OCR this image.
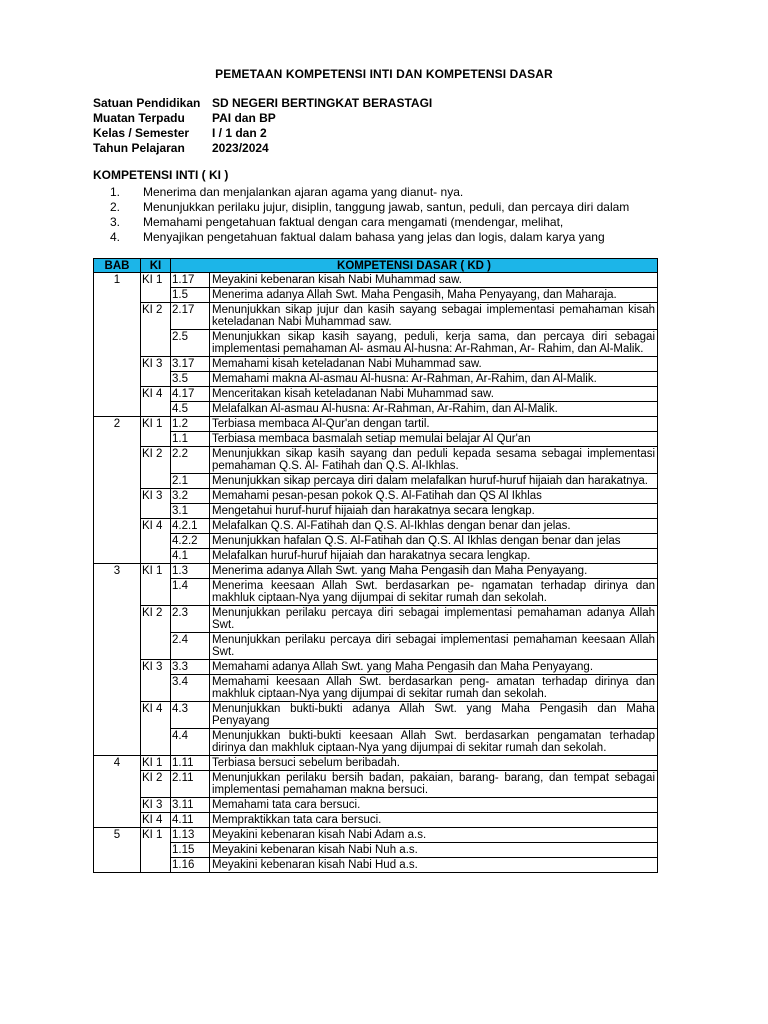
PEMETAAN KOMPETENSI INTI DAN KOMPETENSI DASAR
Satuan Pendidikan SD NEGERI BERTINGKAT BERASTAGI
Muatan Terpadu	PAI dan BP
Kelas / Semester	I / 1 dan 2
Tahun Pelajaran	2023/2024
KOMPETENSI INTI ( KI )
1.	Menerima dan menjalankan ajaran agama yang dianut- nya.
2.	Menunjukkan perilaku jujur, disiplin, tanggung jawab, santun, peduli, dan percaya diri dalam
3.	Memahami pengetahuan faktual dengan cara mengamati (mendengar, melihat,
4.	Menyajikan pengetahuan faktual dalam bahasa yang jelas dan logis, dalam karya yang
BAB	KI	KOMPETENSI DASAR ( KD )	
1	KI 1	1.17	Meyakini kebenaran kisah Nabi Muhammad saw.
		1.5	Menerima adanya Allah Swt. Maha Pengasih, Maha Penyayang, dan Maharaja.
	KI 2	2.17	Menunjukkan sikap jujur dan kasih sayang sebagai implementasi pemahaman kisah keteladanan Nabi Muhammad saw.
		2.5	Menunjukkan sikap kasih sayang, peduli, kerja sama, dan percaya diri sebagai implementasi pemahaman Al- asmau Al-husna: Ar-Rahman, Ar- Rahim, dan Al-Malik.
	KI 3	3.17	Memahami kisah keteladanan Nabi Muhammad saw.
		3.5	Memahami makna Al-asmau Al-husna: Ar-Rahman, Ar-Rahim, dan Al-Malik.
	KI 4	4.17	Menceritakan kisah keteladanan Nabi Muhammad saw.
		4.5	Melafalkan Al-asmau Al-husna: Ar-Rahman, Ar-Rahim, dan Al-Malik.
2	KI 1	1.2	Terbiasa membaca Al-Qur'an dengan tartil.
		1.1	Terbiasa membaca basmalah setiap memulai belajar Al Qur'an
	KI 2	2.2	Menunjukkan sikap kasih sayang dan peduli kepada sesama sebagai implementasi pemahaman Q.S. Al- Fatihah dan Q.S. Al-Ikhlas.
		2.1	Menunjukkan sikap percaya diri dalam melafalkan huruf-huruf hijaiah dan harakatnya.
	KI 3	3.2	Memahami pesan-pesan pokok Q.S. Al-Fatihah dan QS Al Ikhlas
		3.1	Mengetahui huruf-huruf hijaiah dan harakatnya secara lengkap.
	KI 4	4.2.1	Melafalkan Q.S. Al-Fatihah dan Q.S. Al-Ikhlas dengan benar dan jelas.
		4.2.2	Menunjukkan hafalan Q.S. Al-Fatihah dan Q.S. Al Ikhlas dengan benar dan jelas
		4.1	Melafalkan huruf-huruf hijaiah dan harakatnya secara lengkap.
3	KI 1	1.3	Menerima adanya Allah Swt. yang Maha Pengasih dan Maha Penyayang.
		1.4	Menerima keesaan Allah Swt. berdasarkan pe- ngamatan terhadap dirinya dan makhluk ciptaan-Nya yang dijumpai di sekitar rumah dan sekolah.
	KI 2	2.3	Menunjukkan perilaku percaya diri sebagai implementasi pemahaman adanya Allah Swt.
		2.4	Menunjukkan perilaku percaya diri sebagai implementasi pemahaman keesaan Allah Swt.
	KI 3	3.3	Memahami adanya Allah Swt. yang Maha Pengasih dan Maha Penyayang.
		3.4	Memahami keesaan Allah Swt. berdasarkan peng- amatan terhadap dirinya dan makhluk ciptaan-Nya yang dijumpai di sekitar rumah dan sekolah.
	KI 4	4.3	Menunjukkan bukti-bukti adanya Allah Swt. yang Maha Pengasih dan Maha Penyayang
		4.4	Menunjukkan bukti-bukti keesaan Allah Swt. berdasarkan pengamatan terhadap dirinya dan makhluk ciptaan-Nya yang dijumpai di sekitar rumah dan sekolah.
4	KI 1	1.11	Terbiasa bersuci sebelum beribadah.
	KI 2	2.11	Menunjukkan perilaku bersih badan, pakaian, barang- barang, dan tempat sebagai implementasi pemahaman makna bersuci.
	KI 3	3.11	Memahami tata cara bersuci.
	KI 4	4.11	Mempraktikkan tata cara bersuci.
5	KI 1	1.13	Meyakini kebenaran kisah Nabi Adam a.s.
		1.15	Meyakini kebenaran kisah Nabi Nuh a.s.
		1.16	Meyakini kebenaran kisah Nabi Hud a.s.
